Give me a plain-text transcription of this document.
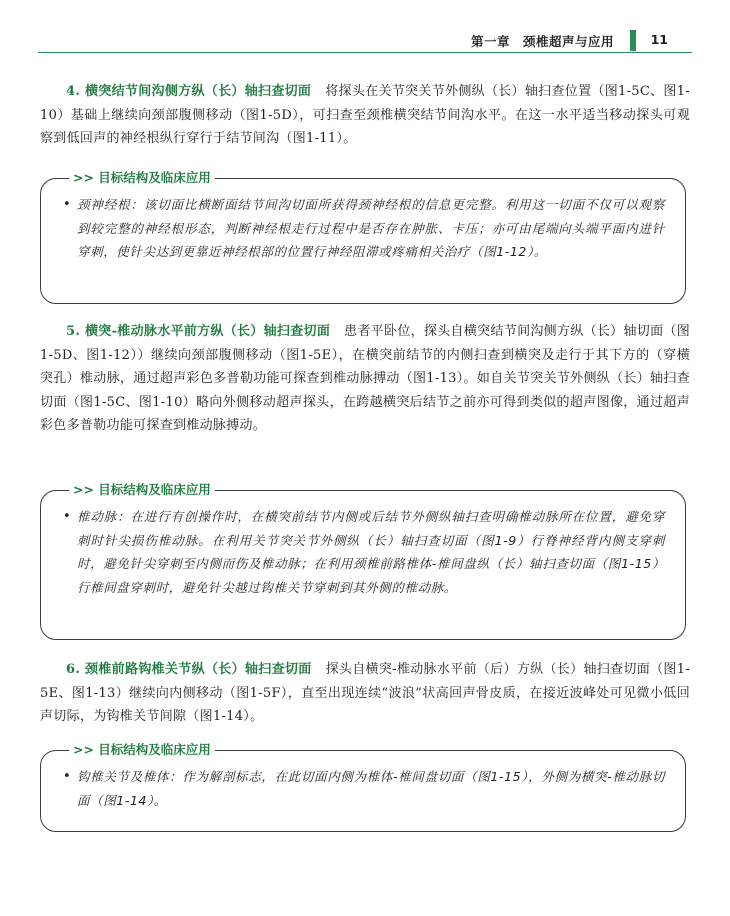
第一章　颈椎超声与应用	11

4. 横突结节间沟侧方纵（长）轴扫查切面 将探头在关节突关节外侧纵（长）轴扫查位置（图1-5C、图1-10）基础上继续向颈部腹侧移动（图1-5D），可扫查至颈椎横突结节间沟水平。在这一水平适当移动探头可观察到低回声的神经根纵行穿行于结节间沟（图1-11）。

>> 目标结构及临床应用

• 颈神经根：该切面比横断面结节间沟切面所获得颈神经根的信息更完整。利用这一切面不仅可以观察到较完整的神经根形态，判断神经根走行过程中是否存在肿胀、卡压；亦可由尾端向头端平面内进针穿刺，使针尖达到更靠近神经根部的位置行神经阻滞或疼痛相关治疗（图1-12）。

5. 横突-椎动脉水平前方纵（长）轴扫查切面 患者平卧位，探头自横突结节间沟侧方纵（长）轴切面（图1-5D、图1-12））继续向颈部腹侧移动（图1-5E），在横突前结节的内侧扫查到横突及走行于其下方的（穿横突孔）椎动脉，通过超声彩色多普勒功能可探查到椎动脉搏动（图1-13）。如自关节突关节外侧纵（长）轴扫查切面（图1-5C、图1-10）略向外侧移动超声探头，在跨越横突后结节之前亦可得到类似的超声图像，通过超声彩色多普勒功能可探查到椎动脉搏动。

>> 目标结构及临床应用

• 椎动脉：在进行有创操作时，在横突前结节内侧或后结节外侧纵轴扫查明确椎动脉所在位置，避免穿刺时针尖损伤椎动脉。在利用关节突关节外侧纵（长）轴扫查切面（图1-9）行脊神经背内侧支穿刺时，避免针尖穿刺至内侧而伤及椎动脉；在利用颈椎前路椎体-椎间盘纵（长）轴扫查切面（图1-15）行椎间盘穿刺时，避免针尖越过钩椎关节穿刺到其外侧的椎动脉。

6. 颈椎前路钩椎关节纵（长）轴扫查切面 探头自横突-椎动脉水平前（后）方纵（长）轴扫查切面（图1-5E、图1-13）继续向内侧移动（图1-5F），直至出现连续“波浪”状高回声骨皮质，在接近波峰处可见微小低回声切际，为钩椎关节间隙（图1-14）。

>> 目标结构及临床应用

• 钩椎关节及椎体：作为解剖标志，在此切面内侧为椎体-椎间盘切面（图1-15），外侧为横突-椎动脉切面（图1-14）。
